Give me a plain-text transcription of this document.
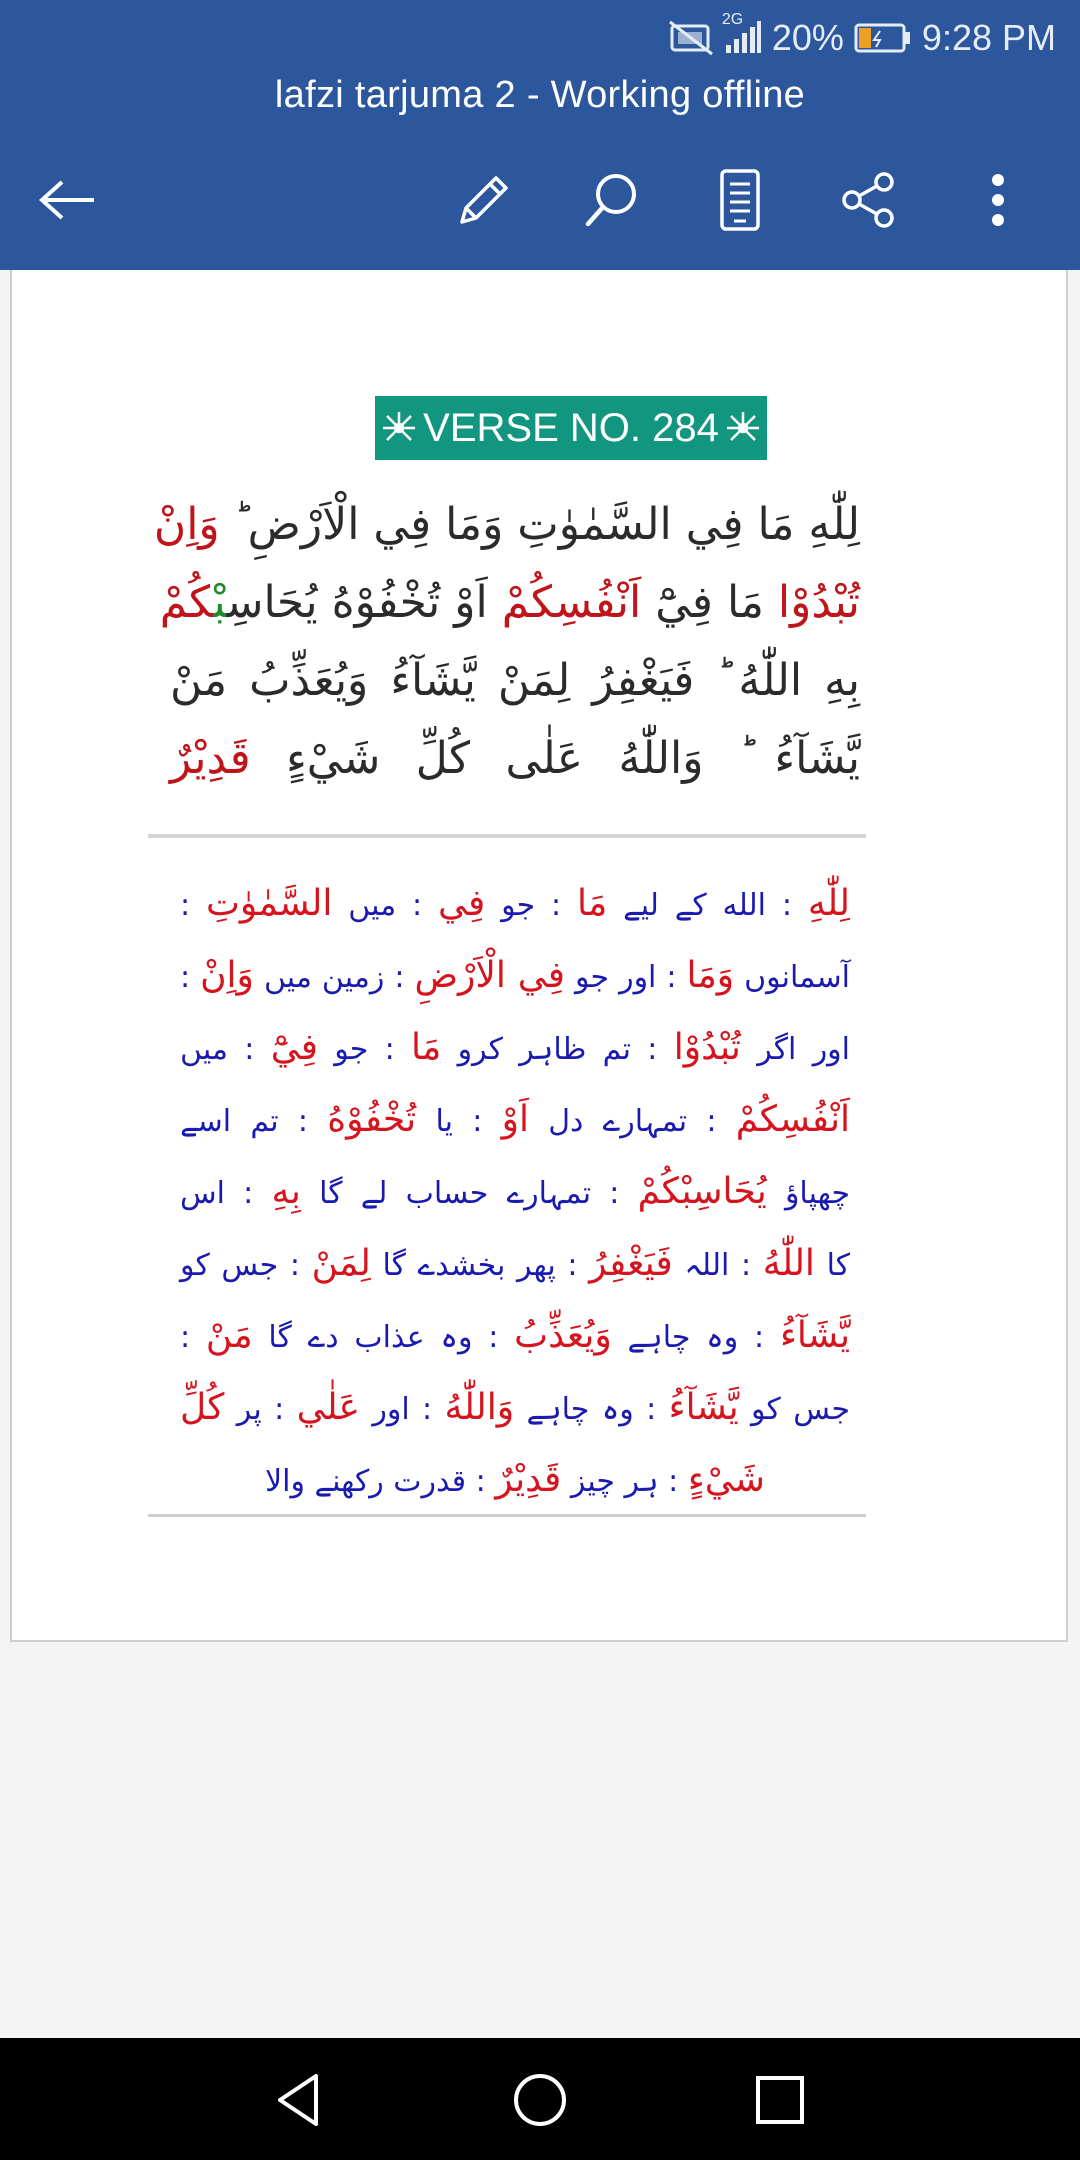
2G 20% 9:28 PM
lafzi tarjuma 2 - Working offline
VERSE NO. 284
لِلّٰهِ مَا فِي السَّمٰوٰتِ وَمَا فِي الْاَرْضِ ؕ وَاِنْ
تُبْدُوْا مَا فِيْٓ اَنْفُسِكُمْ اَوْ تُخْفُوْهُ يُحَاسِبْكُمْ
بِهِ اللّٰهُ ؕ فَيَغْفِرُ لِمَنْ يَّشَآءُ وَيُعَذِّبُ مَنْ
يَّشَآءُ ؕ وَاللّٰهُ عَلٰى كُلِّ شَيْءٍ قَدِيْرٌ
لِلّٰهِ : الله کے لیے مَا : جو فِي : میں السَّمٰوٰتِ :
آسمانوں وَمَا : اور جو فِي الْاَرْضِ : زمین میں وَاِنْ :
اور اگر تُبْدُوْا : تم ظاہر کرو مَا : جو فِيْٓ : میں
اَنْفُسِكُمْ : تمہارے دل اَوْ : یا تُخْفُوْهُ : تم اسے
چھپاؤ يُحَاسِبْكُمْ : تمہارے حساب لے گا بِهِ : اس
کا اللّٰهُ : اللہ فَيَغْفِرُ : پھر بخشدے گا لِمَنْ : جس کو
يَّشَآءُ : وہ چاہے وَيُعَذِّبُ : وہ عذاب دے گا مَنْ :
جس کو يَّشَآءُ : وہ چاہے وَاللّٰهُ : اور عَلٰي : پر كُلِّ
شَيْءٍ : ہر چیز قَدِيْرٌ : قدرت رکھنے والا
